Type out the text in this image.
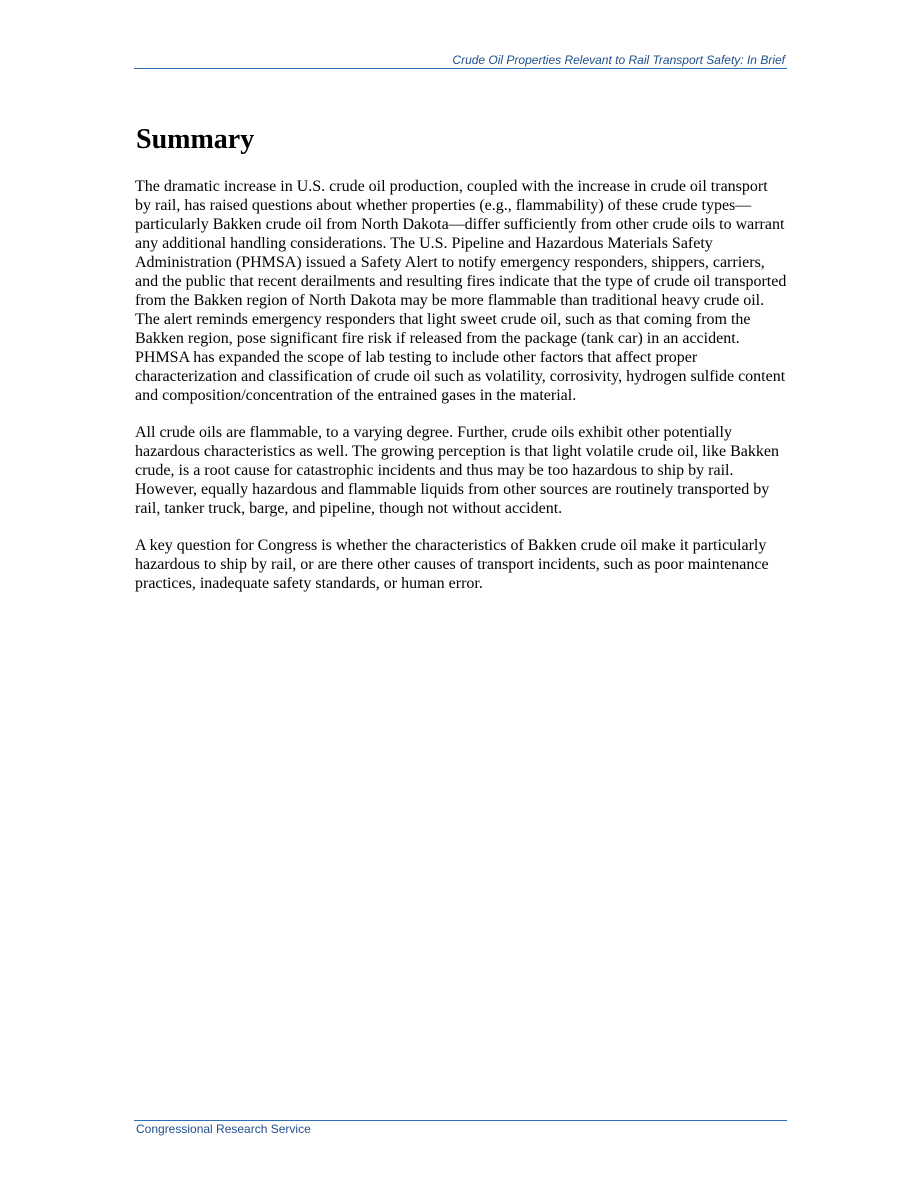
Crude Oil Properties Relevant to Rail Transport Safety: In Brief
Summary

The dramatic increase in U.S. crude oil production, coupled with the increase in crude oil transport by rail, has raised questions about whether properties (e.g., flammability) of these crude types—particularly Bakken crude oil from North Dakota—differ sufficiently from other crude oils to warrant any additional handling considerations. The U.S. Pipeline and Hazardous Materials Safety Administration (PHMSA) issued a Safety Alert to notify emergency responders, shippers, carriers, and the public that recent derailments and resulting fires indicate that the type of crude oil transported from the Bakken region of North Dakota may be more flammable than traditional heavy crude oil. The alert reminds emergency responders that light sweet crude oil, such as that coming from the Bakken region, pose significant fire risk if released from the package (tank car) in an accident. PHMSA has expanded the scope of lab testing to include other factors that affect proper characterization and classification of crude oil such as volatility, corrosivity, hydrogen sulfide content and composition/concentration of the entrained gases in the material.

All crude oils are flammable, to a varying degree. Further, crude oils exhibit other potentially hazardous characteristics as well. The growing perception is that light volatile crude oil, like Bakken crude, is a root cause for catastrophic incidents and thus may be too hazardous to ship by rail. However, equally hazardous and flammable liquids from other sources are routinely transported by rail, tanker truck, barge, and pipeline, though not without accident.

A key question for Congress is whether the characteristics of Bakken crude oil make it particularly hazardous to ship by rail, or are there other causes of transport incidents, such as poor maintenance practices, inadequate safety standards, or human error.

Congressional Research Service
